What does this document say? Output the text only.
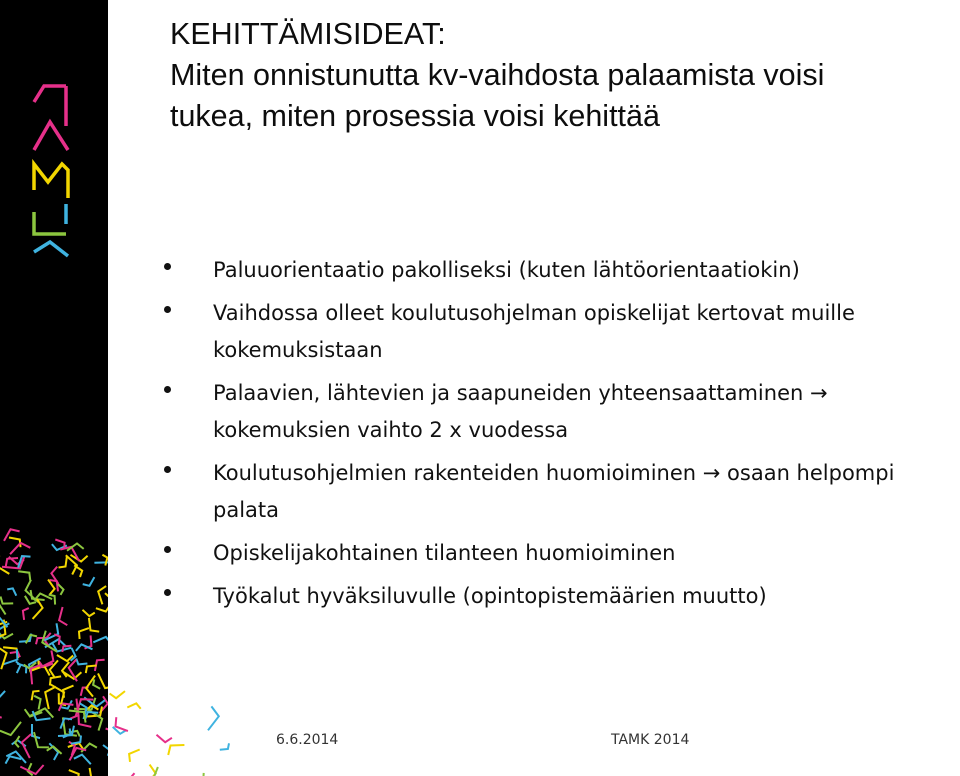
KEHITTÄMISIDEAT:
Miten onnistunutta kv-vaihdosta palaamista voisi
tukea, miten prosessia voisi kehittää
Paluuorientaatio pakolliseksi (kuten lähtöorientaatiokin)
Vaihdossa olleet koulutusohjelman opiskelijat kertovat muille kokemuksistaan
Palaavien, lähtevien ja saapuneiden yhteensaattaminen → kokemuksien vaihto 2 x vuodessa
Koulutusohjelmien rakenteiden huomioiminen → osaan helpompi palata
Opiskelijakohtainen tilanteen huomioiminen
Työkalut hyväksiluvulle (opintopistemäärien muutto)
6.6.2014	TAMK 2014
